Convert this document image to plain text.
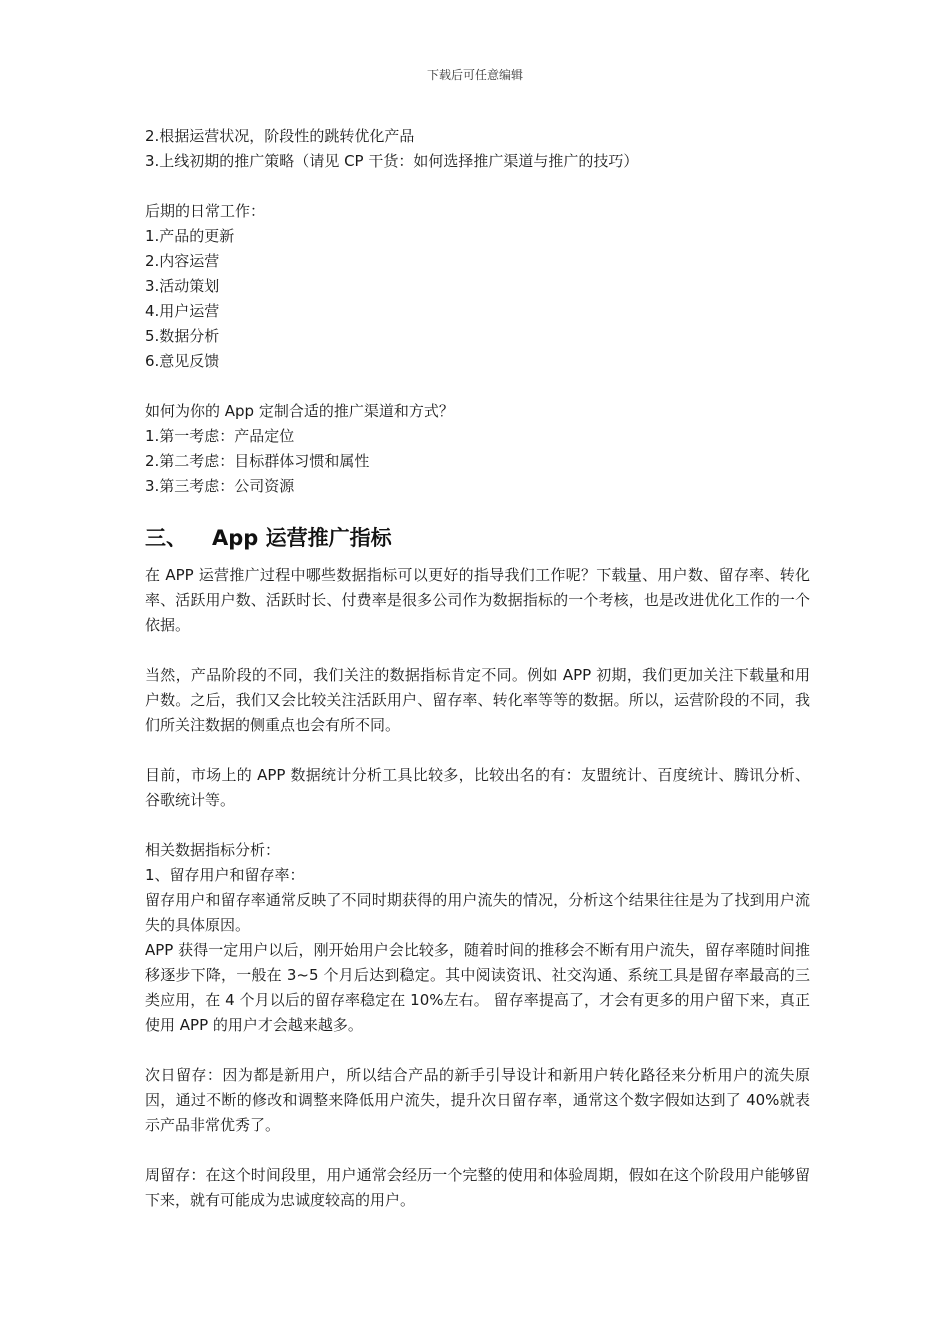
下载后可任意编辑
2.根据运营状况，阶段性的跳转优化产品
3.上线初期的推广策略（请见 CP 干货：如何选择推广渠道与推广的技巧）
后期的日常工作：
1.产品的更新
2.内容运营
3.活动策划
4.用户运营
5.数据分析
6.意见反馈
如何为你的 App 定制合适的推广渠道和方式？
1.第一考虑：产品定位
2.第二考虑：目标群体习惯和属性
3.第三考虑：公司资源
三、	App 运营推广指标
在 APP 运营推广过程中哪些数据指标可以更好的指导我们工作呢？下载量、用户数、留存率、转化率、活跃用户数、活跃时长、付费率是很多公司作为数据指标的一个考核，也是改进优化工作的一个依据。
当然，产品阶段的不同，我们关注的数据指标肯定不同。例如 APP 初期，我们更加关注下载量和用户数。之后，我们又会比较关注活跃用户、留存率、转化率等等的数据。所以，运营阶段的不同，我们所关注数据的侧重点也会有所不同。
目前，市场上的 APP 数据统计分析工具比较多，比较出名的有：友盟统计、百度统计、腾讯分析、谷歌统计等。
相关数据指标分析：
1、留存用户和留存率：
留存用户和留存率通常反映了不同时期获得的用户流失的情况，分析这个结果往往是为了找到用户流失的具体原因。
APP 获得一定用户以后，刚开始用户会比较多，随着时间的推移会不断有用户流失，留存率随时间推移逐步下降，一般在 3~5 个月后达到稳定。其中阅读资讯、社交沟通、系统工具是留存率最高的三类应用，在 4 个月以后的留存率稳定在 10%左右。 留存率提高了，才会有更多的用户留下来，真正使用 APP 的用户才会越来越多。
次日留存：因为都是新用户，所以结合产品的新手引导设计和新用户转化路径来分析用户的流失原因，通过不断的修改和调整来降低用户流失，提升次日留存率，通常这个数字假如达到了 40%就表示产品非常优秀了。
周留存：在这个时间段里，用户通常会经历一个完整的使用和体验周期，假如在这个阶段用户能够留下来，就有可能成为忠诚度较高的用户。
